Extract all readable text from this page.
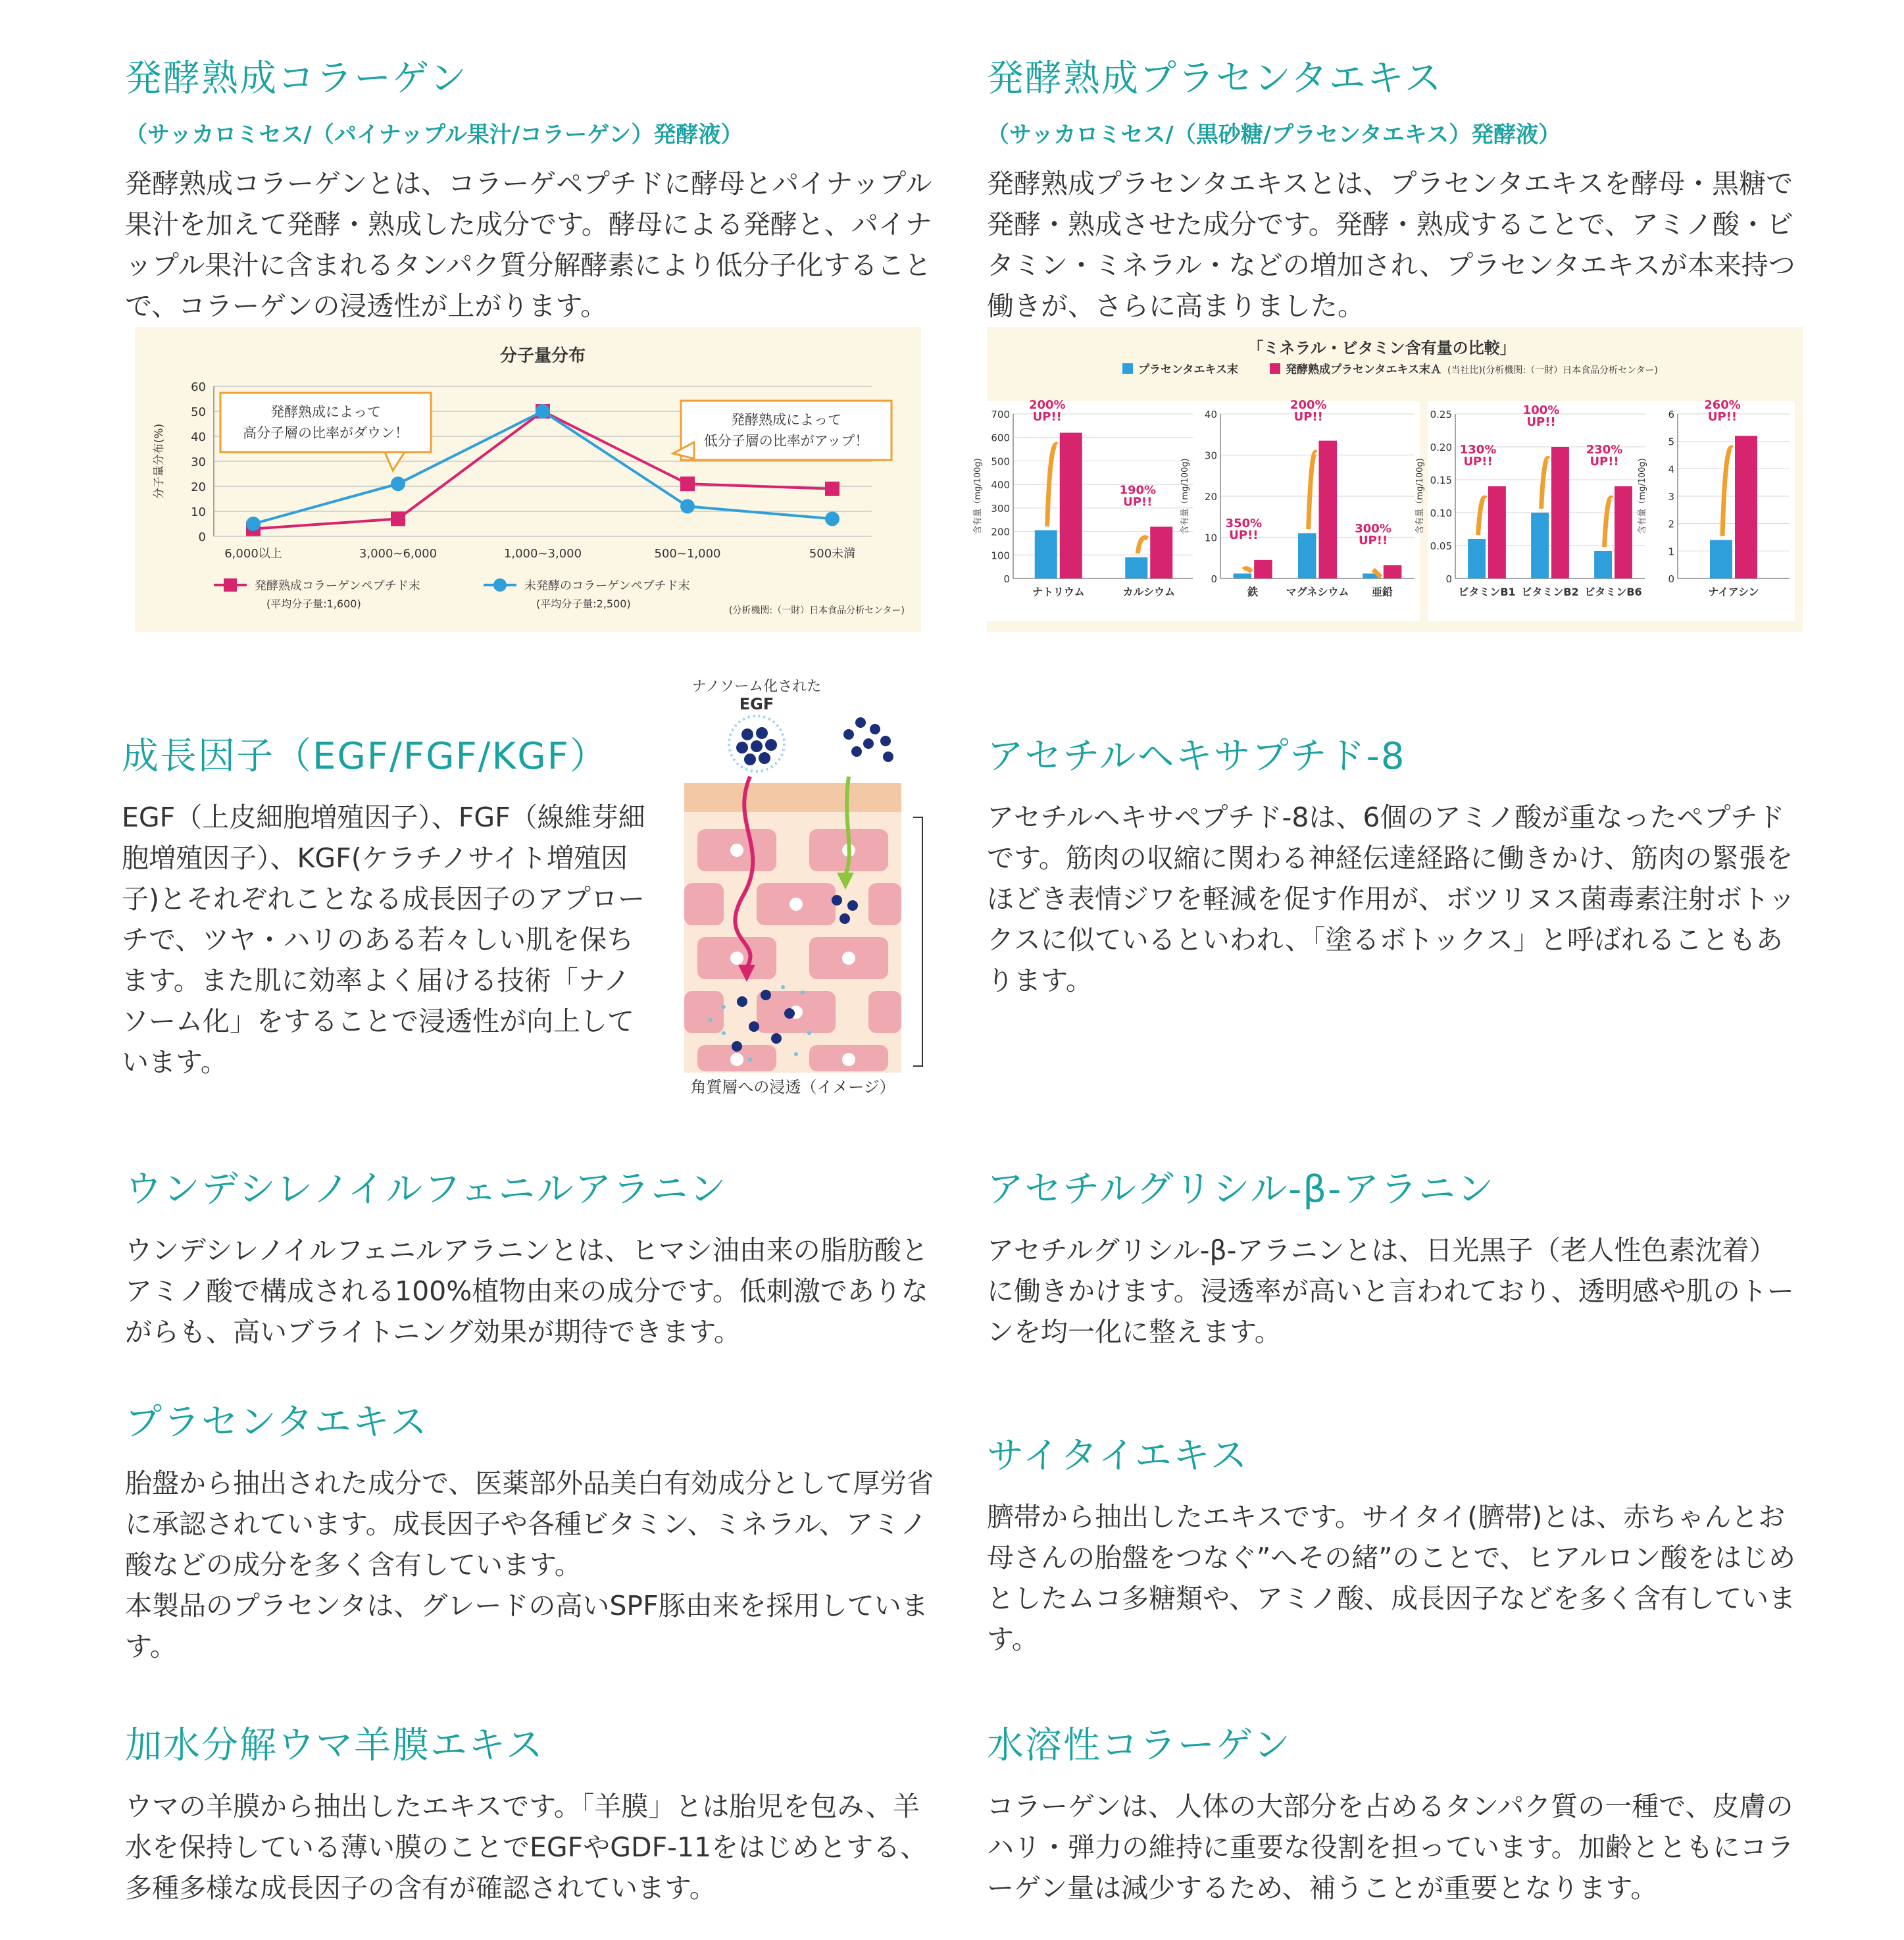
発酵熟成コラーゲン
（サッカロミセス/（パイナップル果汁/コラーゲン）発酵液）
発酵熟成コラーゲンとは、コラーゲペプチドに酵母とパイナップル果汁を加えて発酵・熟成した成分です。酵母による発酵と、パイナップル果汁に含まれるタンパク質分解酵素により低分子化することで、コラーゲンの浸透性が上がります。
発酵熟成プラセンタエキス
（サッカロミセス/（黒砂糖/プラセンタエキス）発酵液）
発酵熟成プラセンタエキスとは、プラセンタエキスを酵母・黒糖で発酵・熟成させた成分です。発酵・熟成することで、アミノ酸・ビタミン・ミネラル・などの増加され、プラセンタエキスが本来持つ働きが、さらに高まりました。
分子量分布
0
10
20
30
40
50
60
分子量分布(%)
6,000以上	3,000~6,000	1,000~3,000	500~1,000	500未満
発酵熟成によって
高分子層の比率がダウン！
発酵熟成によって
低分子層の比率がアップ！
発酵熟成コラーゲンペプチド末
(平均分子量:1,600)
未発酵のコラーゲンペプチド末
(平均分子量:2,500)
(分析機関:（一財）日本食品分析センター)
「ミネラル・ビタミン含有量の比較」
プラセンタエキス末	発酵熟成プラセンタエキス末Ａ (当社比)(分析機関:（一財）日本食品分析センター)
0
100
200
300
400
500
600
700
含有量（mg/100g)
ナトリウム
200%
UP!!
カルシウム
190%
UP!!
0
10
20
30
40
含有量（mg/100g)
鉄
350%
UP!!
マグネシウム
200%
UP!!
亜鉛
300%
UP!!
0
0.05
0.10
0.15
0.20
0.25
含有量（mg/100g)
ビタミンB1
130%
UP!!
ビタミンB2
100%
UP!!
ビタミンB6
230%
UP!!
0
1
2
3
4
5
6
含有量（mg/100g)
ナイアシン
260%
UP!!
成長因子（EGF/FGF/KGF）
EGF（上皮細胞増殖因子）、FGF（線維芽細胞増殖因子）、KGF(ケラチノサイト増殖因子)とそれぞれことなる成長因子のアプローチで、ツヤ・ハリのある若々しい肌を保ちます。また肌に効率よく届ける技術「ナノソーム化」をすることで浸透性が向上しています。
ナノソーム化された
EGF
角質層への浸透（イメージ）
アセチルヘキサプチド-8
アセチルヘキサペプチド-8は、6個のアミノ酸が重なったペプチドです。筋肉の収縮に関わる神経伝達経路に働きかけ、筋肉の緊張をほどき表情ジワを軽減を促す作用が、ボツリヌス菌毒素注射ボトックスに似ているといわれ、「塗るボトックス」と呼ばれることもあります。
ウンデシレノイルフェニルアラニン
ウンデシレノイルフェニルアラニンとは、ヒマシ油由来の脂肪酸とアミノ酸で構成される100%植物由来の成分です。低刺激でありながらも、高いブライトニング効果が期待できます。
アセチルグリシル-β-アラニン
アセチルグリシル-β-アラニンとは、日光黒子（老人性色素沈着）に働きかけます。浸透率が高いと言われており、透明感や肌のトーンを均一化に整えます。
プラセンタエキス
胎盤から抽出された成分で、医薬部外品美白有効成分として厚労省に承認されています。成長因子や各種ビタミン、ミネラル、アミノ酸などの成分を多く含有しています。
本製品のプラセンタは、グレードの高いSPF豚由来を採用しています。
サイタイエキス
臍帯から抽出したエキスです。サイタイ(臍帯)とは、赤ちゃんとお母さんの胎盤をつなぐ”へその緒”のことで、ヒアルロン酸をはじめとしたムコ多糖類や、アミノ酸、成長因子などを多く含有しています。
加水分解ウマ羊膜エキス
ウマの羊膜から抽出したエキスです。「羊膜」とは胎児を包み、羊水を保持している薄い膜のことでEGFやGDF-11をはじめとする、多種多様な成長因子の含有が確認されています。
水溶性コラーゲン
コラーゲンは、人体の大部分を占めるタンパク質の一種で、皮膚のハリ・弾力の維持に重要な役割を担っています。加齢とともにコラーゲン量は減少するため、補うことが重要となります。
